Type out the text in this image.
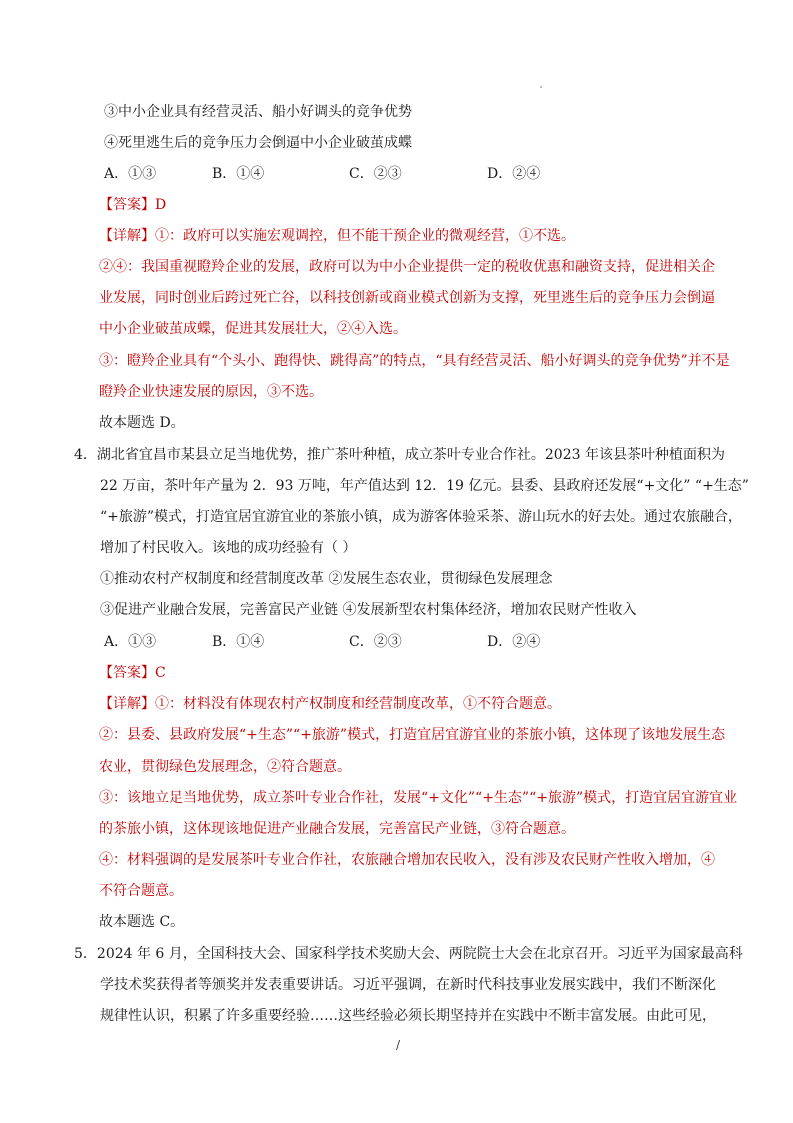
③中小企业具有经营灵活、船小好调头的竞争优势
④死里逃生后的竞争压力会倒逼中小企业破茧成蝶
A．①③	B．①④	C．②③	D．②④
【答案】D
【详解】①：政府可以实施宏观调控，但不能干预企业的微观经营，①不选。
②④：我国重视瞪羚企业的发展，政府可以为中小企业提供一定的税收优惠和融资支持，促进相关企
业发展，同时创业后跨过死亡谷，以科技创新或商业模式创新为支撑，死里逃生后的竞争压力会倒逼
中小企业破茧成蝶，促进其发展壮大，②④入选。
③：瞪羚企业具有“个头小、跑得快、跳得高”的特点，“具有经营灵活、船小好调头的竞争优势”并不是
瞪羚企业快速发展的原因，③不选。
故本题选 D。
4．湖北省宜昌市某县立足当地优势，推广茶叶种植，成立茶叶专业合作社。2023 年该县茶叶种植面积为
22 万亩，茶叶年产量为 2．93 万吨，年产值达到 12．19 亿元。县委、县政府还发展“+文化” “+生态”
“+旅游”模式，打造宜居宜游宜业的茶旅小镇，成为游客体验采茶、游山玩水的好去处。通过农旅融合，
增加了村民收入。该地的成功经验有（ ）
①推动农村产权制度和经营制度改革 ②发展生态农业，贯彻绿色发展理念
③促进产业融合发展，完善富民产业链 ④发展新型农村集体经济，增加农民财产性收入
A．①③	B．①④	C．②③	D．②④
【答案】C
【详解】①：材料没有体现农村产权制度和经营制度改革，①不符合题意。
②：县委、县政府发展“+生态”“+旅游”模式，打造宜居宜游宜业的茶旅小镇，这体现了该地发展生态
农业，贯彻绿色发展理念，②符合题意。
③：该地立足当地优势，成立茶叶专业合作社，发展“+文化”“+生态”“+旅游”模式，打造宜居宜游宜业
的茶旅小镇，这体现该地促进产业融合发展，完善富民产业链，③符合题意。
④：材料强调的是发展茶叶专业合作社，农旅融合增加农民收入，没有涉及农民财产性收入增加，④
不符合题意。
故本题选 C。
5．2024 年 6 月，全国科技大会、国家科学技术奖励大会、两院院士大会在北京召开。习近平为国家最高科
学技术奖获得者等颁奖并发表重要讲话。习近平强调，在新时代科技事业发展实践中，我们不断深化
规律性认识，积累了许多重要经验……这些经验必须长期坚持并在实践中不断丰富发展。由此可见，
/
